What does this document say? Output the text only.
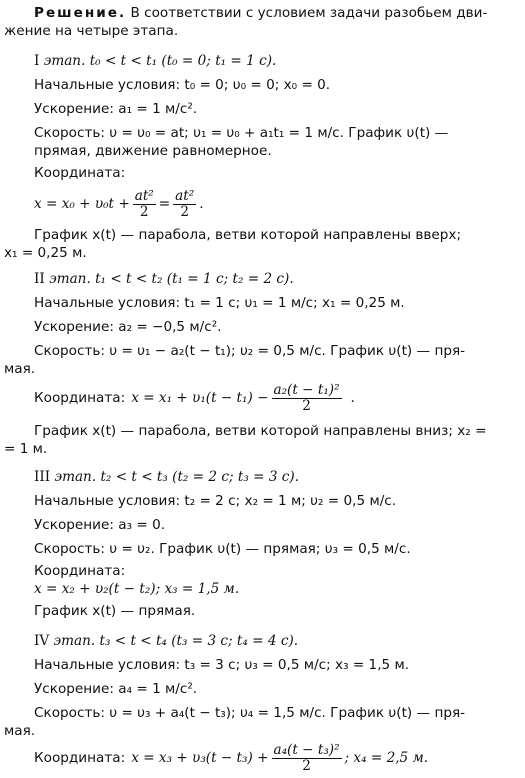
Решение. В соответствии с условием задачи разобьем дви-
жение на четыре этапа.
I этап. t₀ < t < t₁ (t₀ = 0; t₁ = 1 с).
Начальные условия: t₀ = 0; υ₀ = 0; x₀ = 0.
Ускорение: a₁ = 1 м/с².
Скорость: υ = υ₀ = at; υ₁ = υ₀ + a₁t₁ = 1 м/с. График υ(t) —
прямая, движение равномерное.
Координата:
$x = x_0 + \upsilon_0t + \frac{\text{at²}}{2} = \frac{\text{at²}}{2}$ .
График x(t) — парабола, ветви которой направлены вверх;
x₁ = 0,25 м.
II этап. t₁ < t < t₂ (t₁ = 1 с; t₂ = 2 с).
Начальные условия: t₁ = 1 с; υ₁ = 1 м/с; x₁ = 0,25 м.
Ускорение: a₂ = −0,5 м/с².
Скорость: υ = υ₁ − a₂(t − t₁); υ₂ = 0,5 м/с. График υ(t) — пря-
мая.
Координата: $x = x_1 + \upsilon_1(t - t_1) - \frac{\text{a₂(t − t₁)²}}{2}$ .
График x(t) — парабола, ветви которой направлены вниз; x₂ =
= 1 м.
III этап. t₂ < t < t₃ (t₂ = 2 с; t₃ = 3 с).
Начальные условия: t₂ = 2 с; x₂ = 1 м; υ₂ = 0,5 м/с.
Ускорение: a₃ = 0.
Скорость: υ = υ₂. График υ(t) — прямая; υ₃ = 0,5 м/с.
Координата:
x = x₂ + υ₂(t − t₂); x₃ = 1,5 м.
График x(t) — прямая.
IV этап. t₃ < t < t₄ (t₃ = 3 с; t₄ = 4 с).
Начальные условия: t₃ = 3 с; υ₃ = 0,5 м/с; x₃ = 1,5 м.
Ускорение: a₄ = 1 м/с².
Скорость: υ = υ₃ + a₄(t − t₃); υ₄ = 1,5 м/с. График υ(t) — пря-
мая.
Координата: $x = x_3 + \upsilon_3(t - t_3) + \frac{\text{a₄(t − t₃)²}}{2}$ ; x₄ = 2,5 м.
